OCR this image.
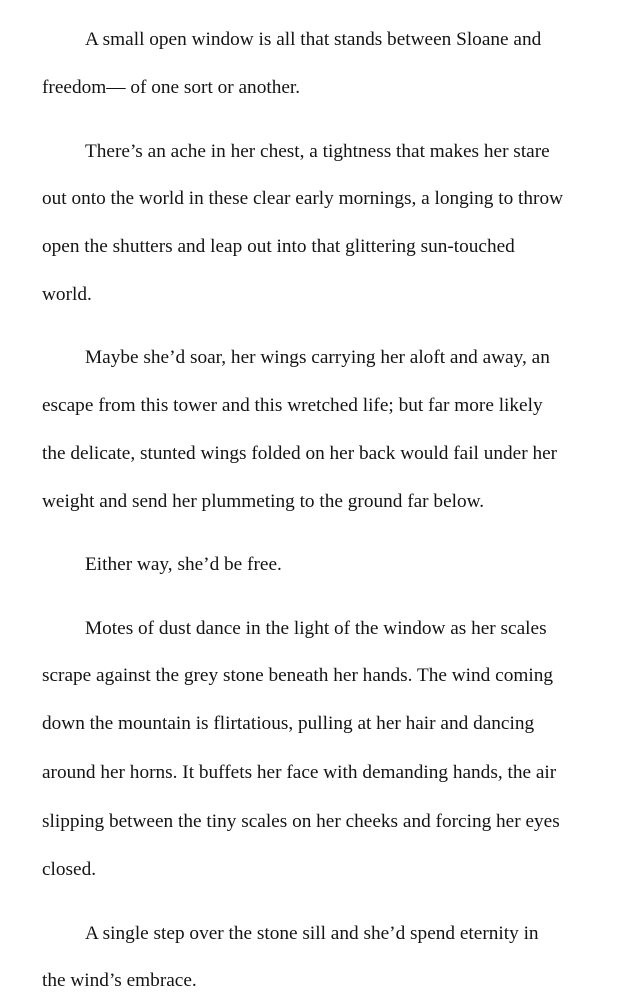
A small open window is all that stands between Sloane and

freedom— of one sort or another.

There’s an ache in her chest, a tightness that makes her stare

out onto the world in these clear early mornings, a longing to throw

open the shutters and leap out into that glittering sun-touched

world.

Maybe she’d soar, her wings carrying her aloft and away, an

escape from this tower and this wretched life; but far more likely

the delicate, stunted wings folded on her back would fail under her

weight and send her plummeting to the ground far below.

Either way, she’d be free.

Motes of dust dance in the light of the window as her scales

scrape against the grey stone beneath her hands. The wind coming

down the mountain is flirtatious, pulling at her hair and dancing

around her horns. It buffets her face with demanding hands, the air

slipping between the tiny scales on her cheeks and forcing her eyes

closed.

A single step over the stone sill and she’d spend eternity in

the wind’s embrace.
